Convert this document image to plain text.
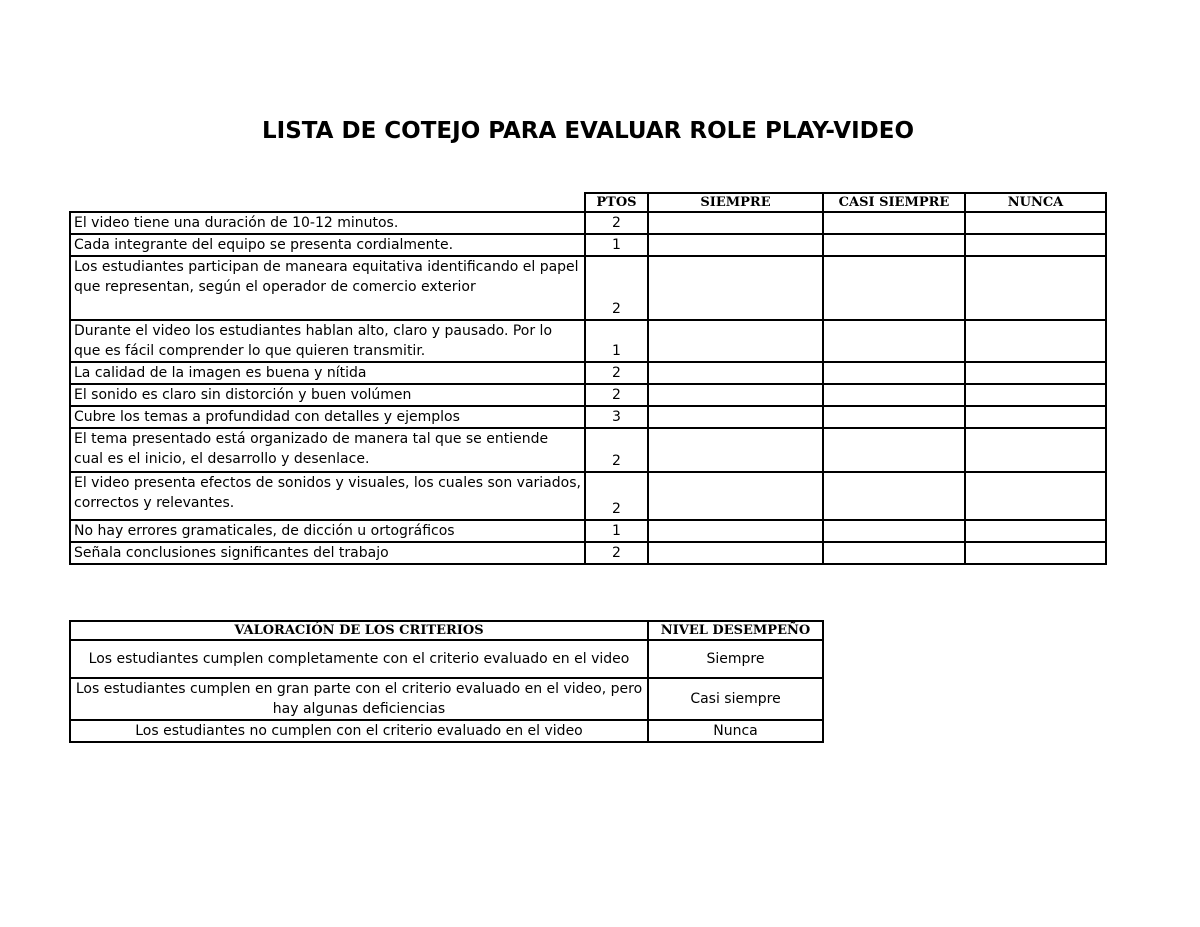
LISTA DE COTEJO PARA EVALUAR ROLE PLAY-VIDEO
	PTOS	SIEMPRE	CASI SIEMPRE	NUNCA
El video tiene una duración de 10-12 minutos.	2			
Cada integrante del equipo se presenta cordialmente.	1			
Los estudiantes participan de maneara equitativa identificando el papel que representan, según el operador de comercio exterior	2			
Durante el video los estudiantes hablan alto, claro y pausado. Por lo que es fácil comprender lo que quieren transmitir.	1			
La calidad de la imagen es buena y nítida	2			
El sonido es claro sin distorción y buen volúmen	2			
Cubre los temas a profundidad con detalles y ejemplos	3			
El tema presentado está organizado de manera tal que se entiende cual es el inicio, el desarrollo y desenlace.	2			
El video presenta efectos de sonidos y visuales, los cuales son variados, correctos y relevantes.	2			
No hay errores gramaticales, de dicción u ortográficos	1			
Señala conclusiones significantes del trabajo	2			
VALORACIÓN DE LOS CRITERIOS	NIVEL DESEMPEÑO
Los estudiantes cumplen completamente con el criterio evaluado en el video	Siempre
Los estudiantes cumplen en gran parte con el criterio evaluado en el video, pero hay algunas deficiencias	Casi siempre
Los estudiantes no cumplen con el criterio evaluado en el video	Nunca
